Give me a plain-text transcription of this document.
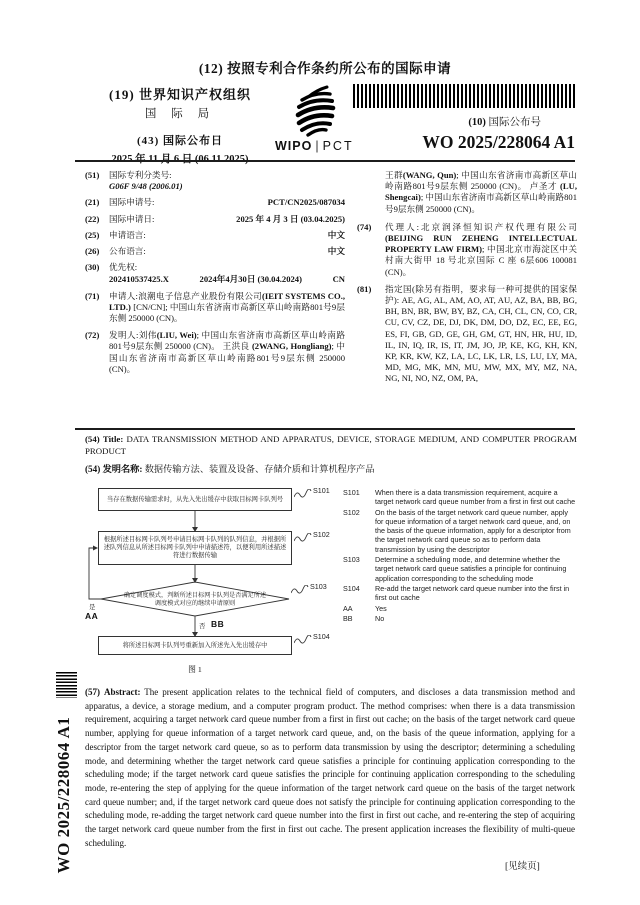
(12) 按照专利合作条约所公布的国际申请
(19) 世界知识产权组织
国 际 局
(43) 国际公布日	WIPO | PCT
(10) 国际公布号
WO 2025/228064 A1
(51) 国际专利分类号:
G06F 9/48 (2006.01)
(21) 国际申请号:	PCT/CN2025/087034
(22) 国际申请日:	2025 年 4 月 3 日 (03.04.2025)
(25) 申请语言:	中文
(26) 公布语言:	中文
(30) 优先权:
202410537425.X	2024年4月30日 (30.04.2024)	CN
(71) 申请人:浪潮电子信息产业股份有限公司(IEIT SYSTEMS CO., LTD.) [CN/CN]; 中国山东省济南市高新区草山岭南路801号9层东侧 250000 (CN)。
(72) 发明人:刘伟(LIU, Wei); 中国山东省济南市高新区草山岭南路801号9层东侧 250000 (CN)。 王洪良 (2WANG, Hongliang); 中国山东省济南市高新区草山岭南路801号9层东侧 250000 (CN)。
王群(WANG, Qun); 中国山东省济南市高新区草山岭南路801号9层东侧 250000 (CN)。 卢圣才 (LU, Shengcai); 中国山东省济南市高新区草山岭南路801号9层东侧 250000 (CN)。
(74) 代理人:北京润泽恒知识产权代理有限公司(BEIJING RUN ZEHENG INTELLECTUAL PROPERTY LAW FIRM); 中国北京市海淀区中关村南大街甲 18 号北京国际 C 座 6层606 100081 (CN)。
(81) 指定国(除另有指明，要求每一种可提供的国家保护): AE, AG, AL, AM, AO, AT, AU, AZ, BA, BB, BG, BH, BN, BR, BW, BY, BZ, CA, CH, CL, CN, CO, CR, CU, CV, CZ, DE, DJ, DK, DM, DO, DZ, EC, EE, EG, ES, FI, GB, GD, GE, GH, GM, GT, HN, HR, HU, ID, IL, IN, IQ, IR, IS, IT, JM, JO, JP, KE, KG, KH, KN, KP, KR, KW, KZ, LA, LC, LK, LR, LS, LU, LY, MA, MD, MG, MK, MN, MU, MW, MX, MY, MZ, NA, NG, NI, NO, NZ, OM, PA,
(54) Title: DATA TRANSMISSION METHOD AND APPARATUS, DEVICE, STORAGE MEDIUM, AND COMPUTER PROGRAM PRODUCT
(54) 发明名称: 数据传输方法、装置及设备、存储介质和计算机程序产品
当存在数据传输需求时，从先入先出缓存中获取目标网卡队列号
根据所述目标网卡队列号申请目标网卡队列的队列信息，并根据所述队列信息从所述目标网卡队列中申请描述符，以便利用所述描述符进行数据传输
确定调度模式，判断所述目标网卡队列是否满足所述调度模式对应的继续申请原则
将所述目标网卡队列号重新加入所述先入先出缓存中
S101
S102
S103
S104
是
AA
否 BB
图 1
S101	When there is a data transmission requirement, acquire a target network card queue number from a first in first out cache
S102	On the basis of the target network card queue number, apply for queue information of a target network card queue, and, on the basis of the queue information, apply for a descriptor from the target network card queue so as to perform data transmission by using the descriptor
S103	Determine a scheduling mode, and determine whether the target network card queue satisfies a principle for continuing application corresponding to the scheduling mode
S104	Re-add the target network card queue number into the first in first out cache
AA	Yes
BB	No
(57) Abstract: The present application relates to the technical field of computers, and discloses a data transmission method and apparatus, a device, a storage medium, and a computer program product. The method comprises: when there is a data transmission requirement, acquiring a target network card queue number from a first in first out cache; on the basis of the target network card queue number, applying for queue information of a target network card queue, and, on the basis of the queue information, applying for a descriptor from the target network card queue, so as to perform data transmission by using the descriptor; determining a scheduling mode, and determining whether the target network card queue satisfies a principle for continuing application corresponding to the scheduling mode; if the target network card queue satisfies the principle for continuing application corresponding to the scheduling mode, re-entering the step of applying for the queue information of the target network card queue on the basis of the target network card queue number; and, if the target network card queue does not satisfy the principle for continuing application corresponding to the scheduling mode, re-adding the target network card queue number into the first in first out cache, and re-entering the step of acquiring the target network card queue number from the first in first out cache. The present application increases the flexibility of multi-queue scheduling.
WO 2025/228064 A1	[见续页]
